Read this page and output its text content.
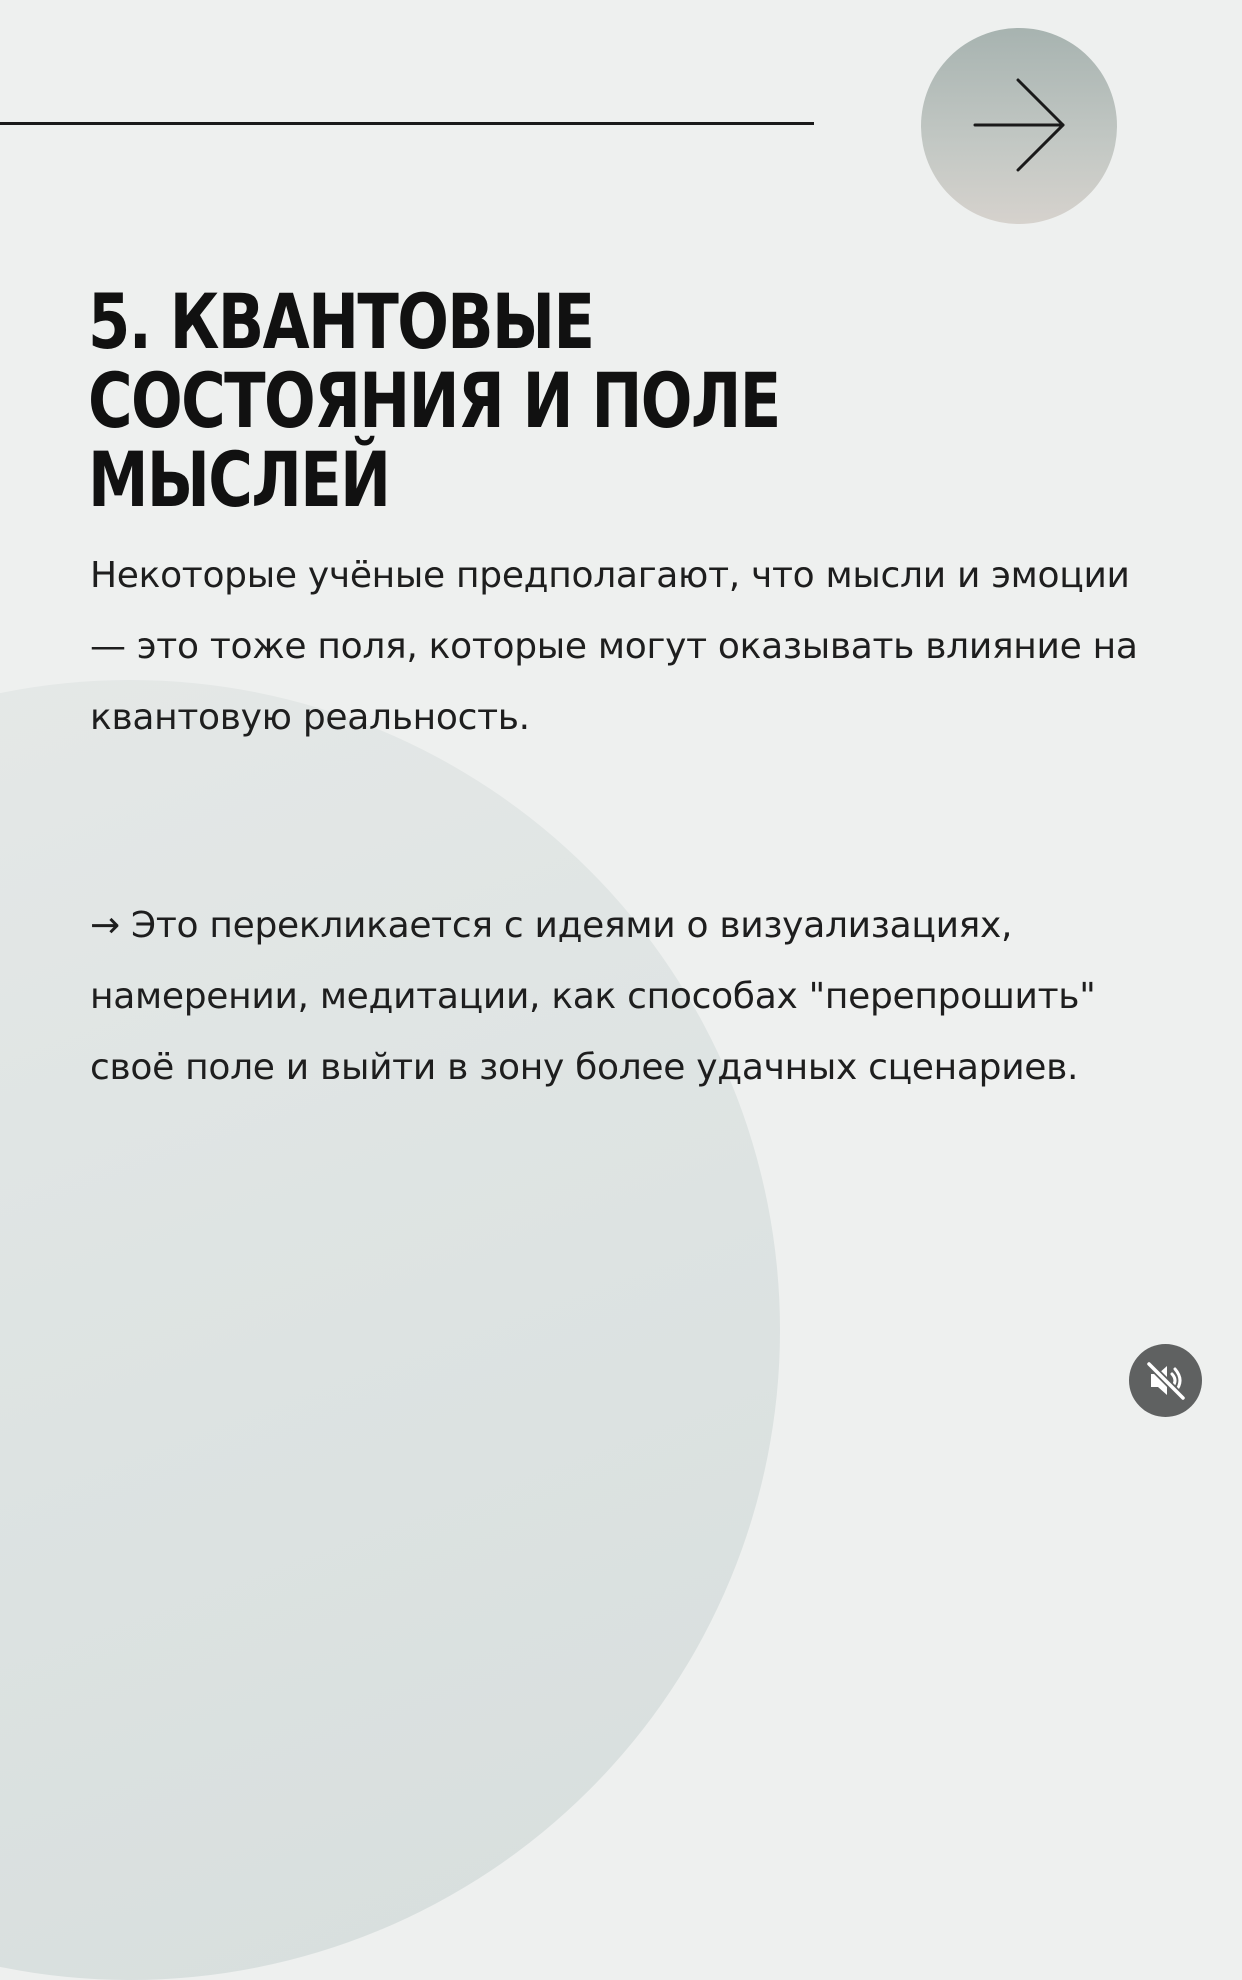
5. КВАНТОВЫЕ СОСТОЯНИЯ И ПОЛЕ МЫСЛЕЙ

Некоторые учёные предполагают, что мысли и эмоции — это тоже поля, которые могут оказывать влияние на квантовую реальность.

→ Это перекликается с идеями о визуализациях, намерении, медитации, как способах "перепрошить" своё поле и выйти в зону более удачных сценариев.
